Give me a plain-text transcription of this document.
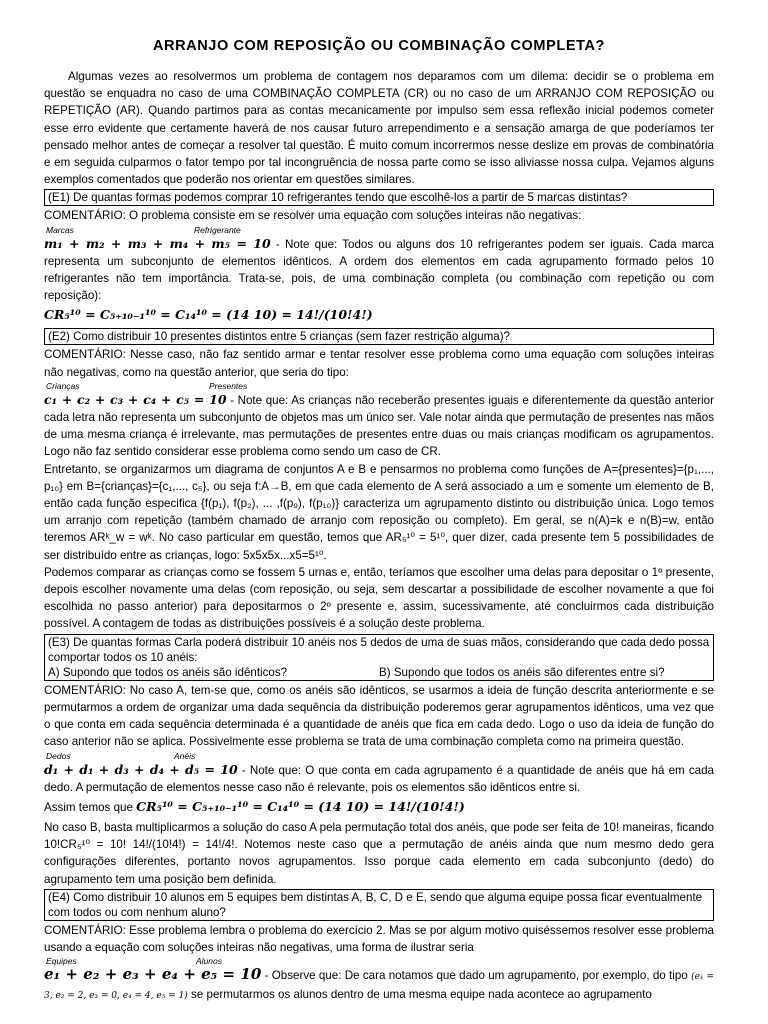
ARRANJO COM REPOSIÇÃO OU COMBINAÇÃO COMPLETA?

Algumas vezes ao resolvermos um problema de contagem nos deparamos com um dilema: decidir se o problema em questão se enquadra no caso de uma COMBINAÇÃO COMPLETA (CR) ou no caso de um ARRANJO COM REPOSIÇÃO ou REPETIÇÃO (AR). Quando partimos para as contas mecanicamente por impulso sem essa reflexão inicial podemos cometer esse erro evidente que certamente haverá de nos causar futuro arrependimento e a sensação amarga de que poderíamos ter pensado melhor antes de começar a resolver tal questão. É muito comum incorrermos nesse deslize em provas de combinatória e em seguida culparmos o fator tempo por tal incongruência de nossa parte como se isso aliviasse nossa culpa. Vejamos alguns exemplos comentados que poderão nos orientar em questões similares.

(E1) De quantas formas podemos comprar 10 refrigerantes tendo que escolhê-los a partir de 5 marcas distintas?

COMENTÁRIO: O problema consiste em se resolver uma equação com soluções inteiras não negativas:

Marcas	Refrigerante

m₁ + m₂ + m₃ + m₄ + m₅ = 10 - Note que: Todos ou alguns dos 10 refrigerantes podem ser iguais. Cada marca representa um subconjunto de elementos idênticos. A ordem dos elementos em cada agrupamento formado pelos 10 refrigerantes não tem importância. Trata-se, pois, de uma combinação completa (ou combinação com repetição ou com reposição):

CR₅¹⁰ = C₅₊₁₀₋₁¹⁰ = C₁₄¹⁰ = (14 10) = 14!/(10!4!)

(E2) Como distribuir 10 presentes distintos entre 5 crianças (sem fazer restrição alguma)?

COMENTÁRIO: Nesse caso, não faz sentido armar e tentar resolver esse problema como uma equação com soluções inteiras não negativas, como na questão anterior, que seria do tipo:

Crianças	Presentes

c₁ + c₂ + c₃ + c₄ + c₅ = 10 - Note que: As crianças não receberão presentes iguais e diferentemente da questão anterior cada letra não representa um subconjunto de objetos mas um único ser. Vale notar ainda que permutação de presentes nas mãos de uma mesma criança é irrelevante, mas permutações de presentes entre duas ou mais crianças modificam os agrupamentos. Logo não faz sentido considerar esse problema como sendo um caso de CR.

Entretanto, se organizarmos um diagrama de conjuntos A e B e pensarmos no problema como funções de A={presentes}={p₁,..., p₁₀} em B={crianças}={c₁,..., c₅}, ou seja f:A→B, em que cada elemento de A será associado a um e somente um elemento de B, então cada função especifica {f(p₁), f(p₂), ... ,f(p₉), f(p₁₀)} caracteriza um agrupamento distinto ou distribuição única. Logo temos um arranjo com repetição (também chamado de arranjo com reposição ou completo). Em geral, se n(A)=k e n(B)=w, então teremos ARᵏ_w = wᵏ. No caso particular em questão, temos que AR₅¹⁰ = 5¹⁰, quer dizer, cada presente tem 5 possibilidades de ser distribuído entre as crianças, logo: 5x5x5x...x5=5¹⁰.

Podemos comparar as crianças como se fossem 5 urnas e, então, teríamos que escolher uma delas para depositar o 1º presente, depois escolher novamente uma delas (com reposição, ou seja, sem descartar a possibilidade de escolher novamente a que foi escolhida no passo anterior) para depositarmos o 2º presente e, assim, sucessivamente, até concluirmos cada distribuição possível. A contagem de todas as distribuições possíveis é a solução deste problema.

(E3) De quantas formas Carla poderá distribuir 10 anéis nos 5 dedos de uma de suas mãos, considerando que cada dedo possa comportar todos os 10 anéis:
A) Supondo que todos os anéis são idênticos?	B) Supondo que todos os anéis são diferentes entre si?

COMENTÁRIO: No caso A, tem-se que, como os anéis são idênticos, se usarmos a ideia de função descrita anteriormente e se permutarmos a ordem de organizar uma dada sequência da distribuição poderemos gerar agrupamentos idênticos, uma vez que o que conta em cada sequência determinada é a quantidade de anéis que fica em cada dedo. Logo o uso da ideia de função do caso anterior não se aplica. Possivelmente esse problema se trata de uma combinação completa como na primeira questão.

Dedos	Anéis

d₁ + d₁ + d₃ + d₄ + d₅ = 10 - Note que: O que conta em cada agrupamento é a quantidade de anéis que há em cada dedo. A permutação de elementos nesse caso não é relevante, pois os elementos são idênticos entre si.

Assim temos que CR₅¹⁰ = C₅₊₁₀₋₁¹⁰ = C₁₄¹⁰ = (14 10) = 14!/(10!4!)

No caso B, basta multiplicarmos a solução do caso A pela permutação total dos anéis, que pode ser feita de 10! maneiras, ficando 10!CR₅¹⁰ = 10! 14!/(10!4!) = 14!/4!. Notemos neste caso que a permutação de anéis ainda que num mesmo dedo gera configurações diferentes, portanto novos agrupamentos. Isso porque cada elemento em cada subconjunto (dedo) do agrupamento tem uma posição bem definida.

(E4) Como distribuir 10 alunos em 5 equipes bem distintas A, B, C, D e E, sendo que alguma equipe possa ficar eventualmente com todos ou com nenhum aluno?

COMENTÁRIO: Esse problema lembra o problema do exercício 2. Mas se por algum motivo quiséssemos resolver esse problema usando a equação com soluções inteiras não negativas, uma forma de ilustrar seria

Equipes	Alunos

e₁ + e₂ + e₃ + e₄ + e₅ = 10 - Observe que: De cara notamos que dado um agrupamento, por exemplo, do tipo (e₁ = 3, e₂ = 2, e₃ = 0, e₄ = 4, e₅ = 1) se permutarmos os alunos dentro de uma mesma equipe nada acontece ao agrupamento
